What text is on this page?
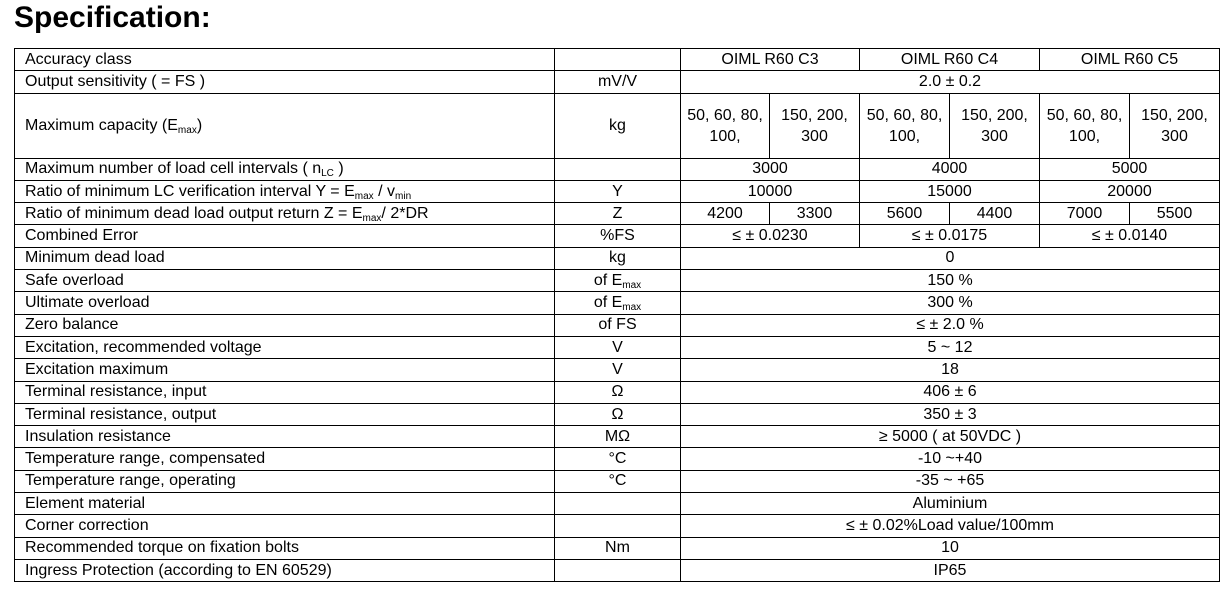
Specification:
Accuracy class		OIML R60 C3		OIML R60 C4		OIML R60 C5	
Output sensitivity ( = FS )	mV/V	2.0 ± 0.2					
Maximum capacity $(E_{max})$	kg	50, 60, 80, 100,	150, 200, 300	50, 60, 80, 100,	150, 200, 300	50, 60, 80, 100,	150, 200, 300
Maximum number of load cell intervals ( $n_{LC}$ )		3000		4000		5000	
Ratio of minimum LC verification interval $Y = E_{max} / v_{min}$	Y	10000		15000		20000	
Ratio of minimum dead load output return $Z = E_{max}/$ 2*DR	Z	4200	3300	5600	4400	7000	5500
Combined Error	%FS	≤ ± 0.0230		≤ ± 0.0175		≤ ± 0.0140	
Minimum dead load	kg	0					
Safe overload	of $E_{max}$	150 %					
Ultimate overload	of $E_{max}$	300 %					
Zero balance	of FS	≤ ± 2.0 %					
Excitation, recommended voltage	V	5 ~ 12					
Excitation maximum	V	18					
Terminal resistance, input	Ω	406 ± 6					
Terminal resistance, output	Ω	350 ± 3					
Insulation resistance	MΩ	≥ 5000 ( at 50VDC )					
Temperature range, compensated	°C	-10 ~+40					
Temperature range, operating	°C	-35 ~ +65					
Element material		Aluminium					
Corner correction		≤ ± 0.02%Load value/100mm					
Recommended torque on fixation bolts	Nm	10					
Ingress Protection (according to EN 60529)		IP65					
